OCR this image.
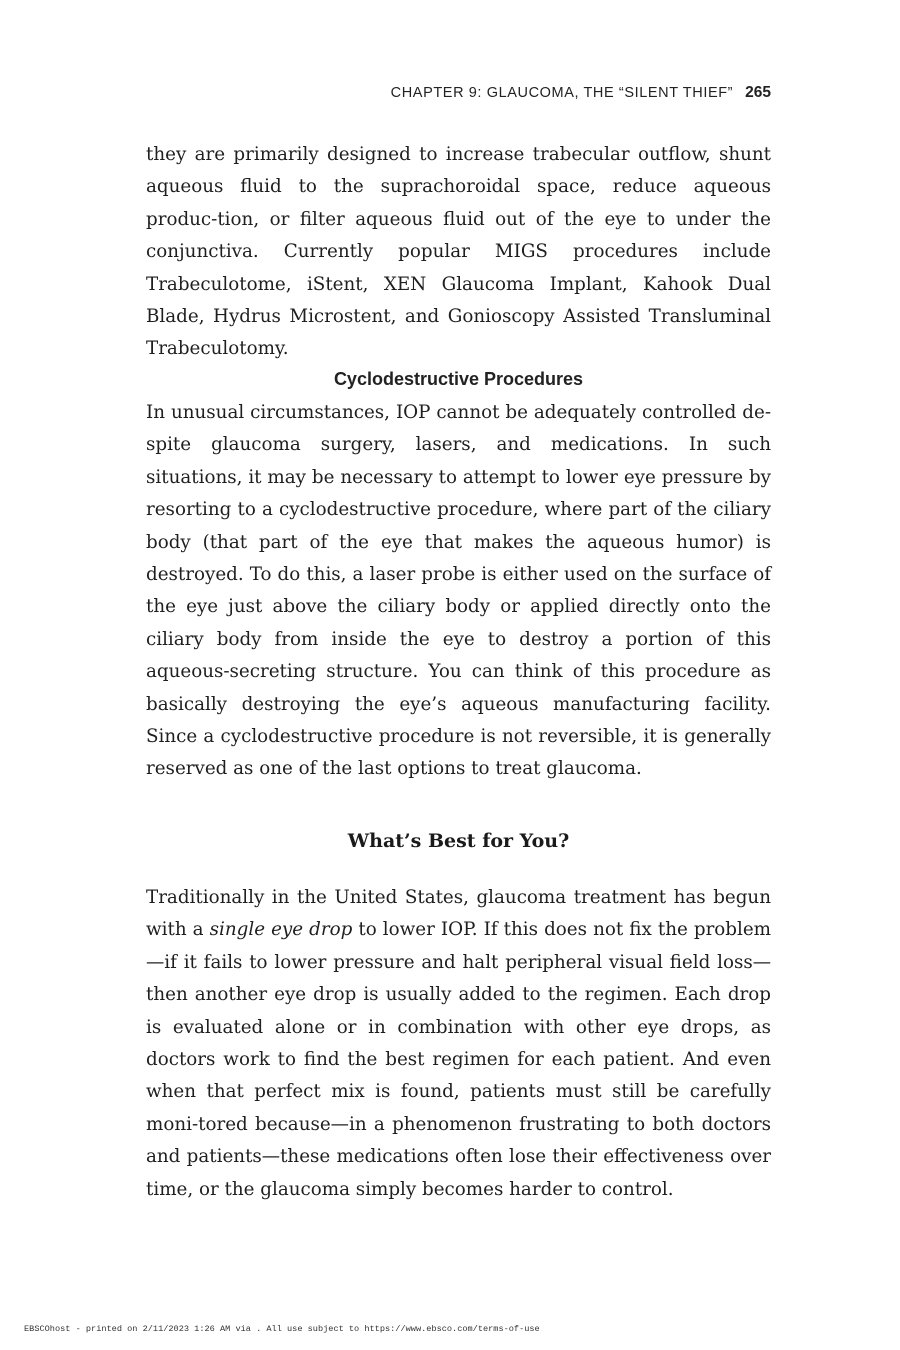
CHAPTER 9: GLAUCOMA, THE “SILENT THIEF” 265

they are primarily designed to increase trabecular outflow, shunt aqueous fluid to the suprachoroidal space, reduce aqueous produc-tion, or filter aqueous fluid out of the eye to under the conjunctiva. Currently popular MIGS procedures include Trabeculotome, iStent, XEN Glaucoma Implant, Kahook Dual Blade, Hydrus Microstent, and Gonioscopy Assisted Transluminal Trabeculotomy.

Cyclodestructive Procedures

In unusual circumstances, IOP cannot be adequately controlled de-spite glaucoma surgery, lasers, and medications. In such situations, it may be necessary to attempt to lower eye pressure by resorting to a cyclodestructive procedure, where part of the ciliary body (that part of the eye that makes the aqueous humor) is destroyed. To do this, a laser probe is either used on the surface of the eye just above the ciliary body or applied directly onto the ciliary body from inside the eye to destroy a portion of this aqueous-secreting structure. You can think of this procedure as basically destroying the eye’s aqueous manufacturing facility. Since a cyclodestructive procedure is not reversible, it is generally reserved as one of the last options to treat glaucoma.

What’s Best for You?

Traditionally in the United States, glaucoma treatment has begun with a single eye drop to lower IOP. If this does not fix the problem—if it fails to lower pressure and halt peripheral visual field loss—then another eye drop is usually added to the regimen. Each drop is evaluated alone or in combination with other eye drops, as doctors work to find the best regimen for each patient. And even when that perfect mix is found, patients must still be carefully moni-tored because—in a phenomenon frustrating to both doctors and patients—these medications often lose their effectiveness over time, or the glaucoma simply becomes harder to control.

EBSCOhost - printed on 2/11/2023 1:26 AM via . All use subject to https://www.ebsco.com/terms-of-use
